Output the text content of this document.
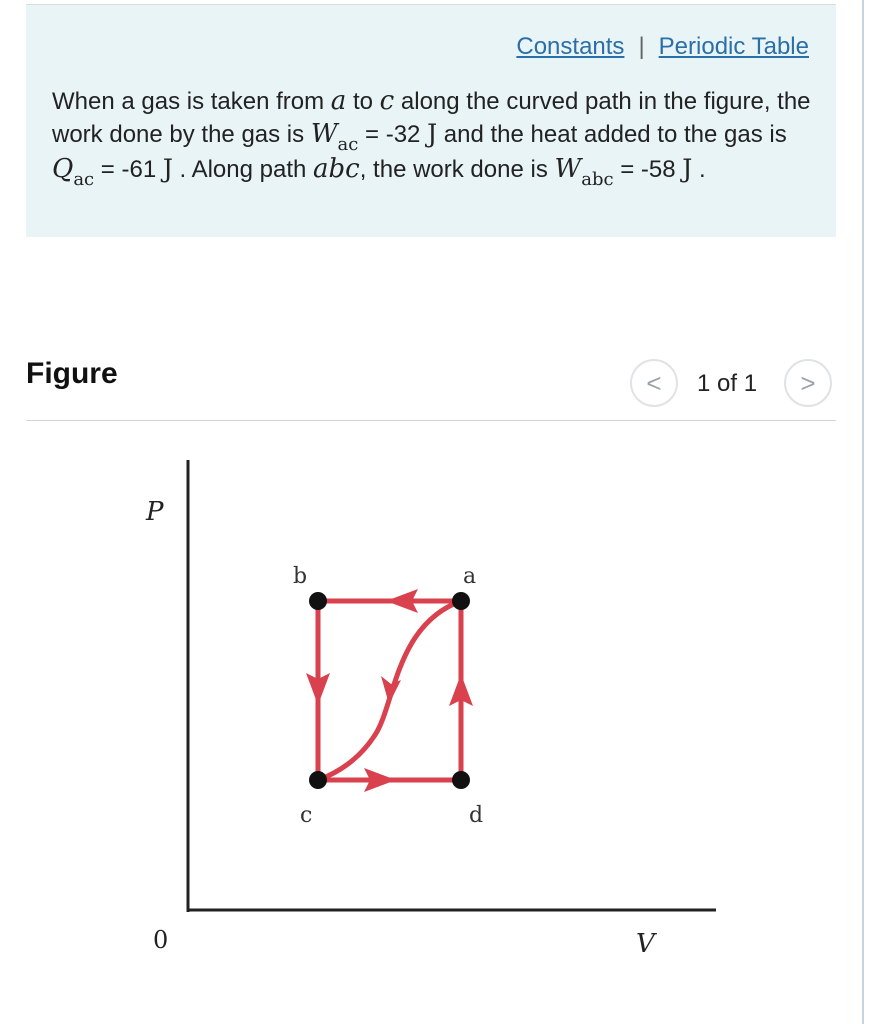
Constants | Periodic Table
When a gas is taken from a to c along the curved path in the figure, the work done by the gas is $W_{ac} = -32$ J and the heat added to the gas is $Q_{ac} = -61$ J . Along path abc, the work done is $W_{abc} = -58$ J .
Figure	< 1 of 1 >
P
V
0
a
b
c	d
